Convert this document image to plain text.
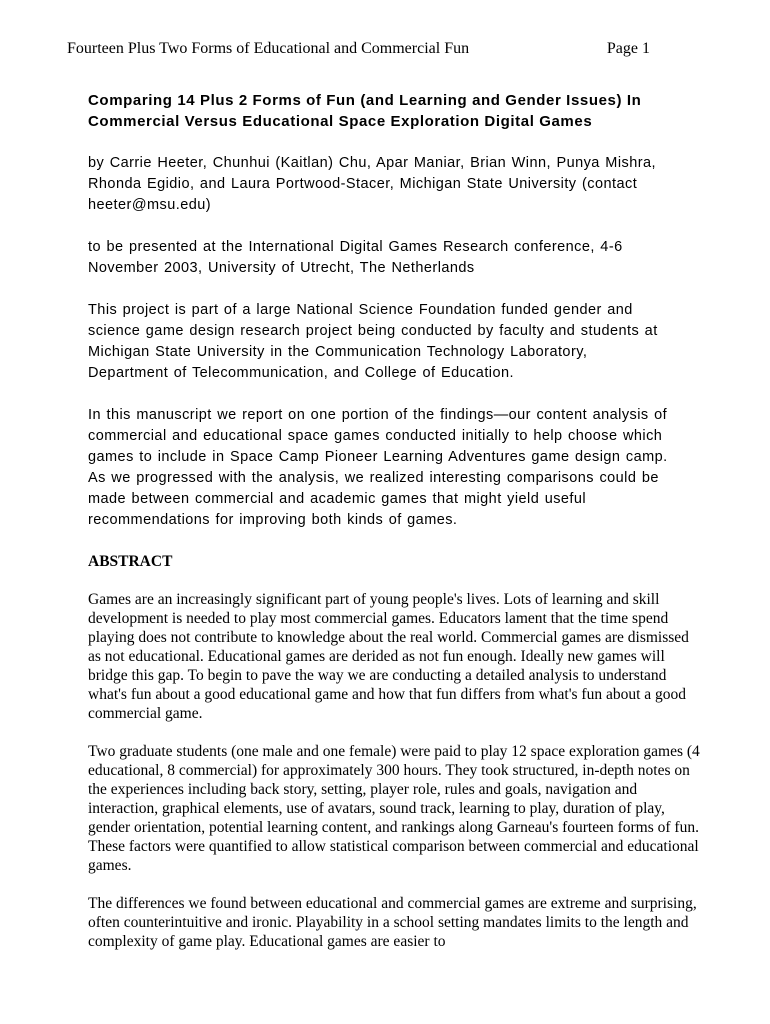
Fourteen Plus Two Forms of Educational and Commercial Fun	Page 1
Comparing 14 Plus 2 Forms of Fun (and Learning and Gender Issues) In Commercial Versus Educational Space Exploration Digital Games

by Carrie Heeter, Chunhui (Kaitlan) Chu, Apar Maniar, Brian Winn, Punya Mishra, Rhonda Egidio, and Laura Portwood-Stacer, Michigan State University (contact heeter@msu.edu)

to be presented at the International Digital Games Research conference, 4-6 November 2003, University of Utrecht, The Netherlands

This project is part of a large National Science Foundation funded gender and science game design research project being conducted by faculty and students at Michigan State University in the Communication Technology Laboratory, Department of Telecommunication, and College of Education.

In this manuscript we report on one portion of the findings—our content analysis of commercial and educational space games conducted initially to help choose which games to include in Space Camp Pioneer Learning Adventures game design camp. As we progressed with the analysis, we realized interesting comparisons could be made between commercial and academic games that might yield useful recommendations for improving both kinds of games.

ABSTRACT

Games are an increasingly significant part of young people's lives. Lots of learning and skill development is needed to play most commercial games. Educators lament that the time spend playing does not contribute to knowledge about the real world. Commercial games are dismissed as not educational. Educational games are derided as not fun enough. Ideally new games will bridge this gap. To begin to pave the way we are conducting a detailed analysis to understand what's fun about a good educational game and how that fun differs from what's fun about a good commercial game.

Two graduate students (one male and one female) were paid to play 12 space exploration games (4 educational, 8 commercial) for approximately 300 hours. They took structured, in-depth notes on the experiences including back story, setting, player role, rules and goals, navigation and interaction, graphical elements, use of avatars, sound track, learning to play, duration of play, gender orientation, potential learning content, and rankings along Garneau's fourteen forms of fun. These factors were quantified to allow statistical comparison between commercial and educational games.

The differences we found between educational and commercial games are extreme and surprising, often counterintuitive and ironic. Playability in a school setting mandates limits to the length and complexity of game play. Educational games are easier to
